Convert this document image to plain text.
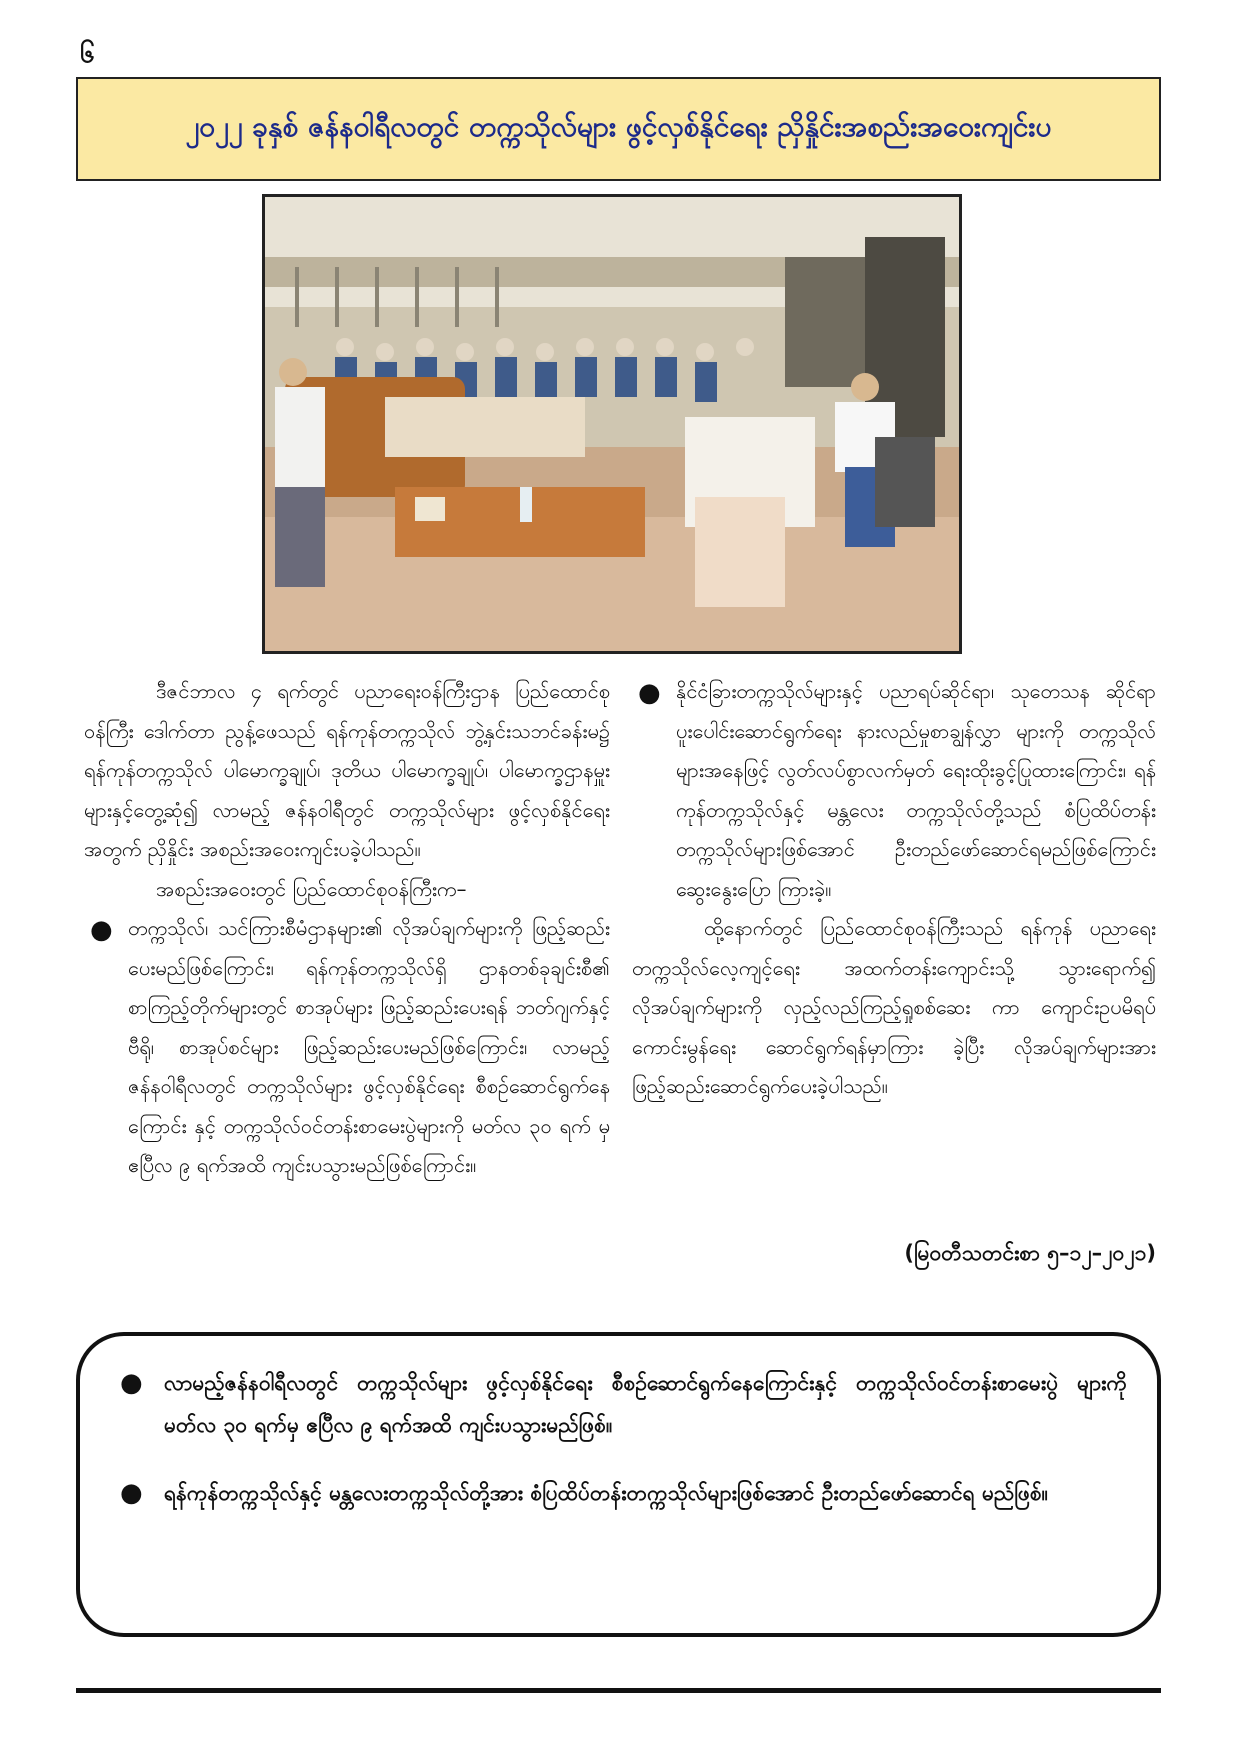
၆
၂၀၂၂ ခုနှစ် ဇန်နဝါရီလတွင် တက္ကသိုလ်များ ဖွင့်လှစ်နိုင်ရေး ညှိနှိုင်းအစည်းအဝေးကျင်းပ

ဒီဇင်ဘာလ ၄ ရက်တွင် ပညာရေးဝန်ကြီးဌာန ပြည်ထောင်စုဝန်ကြီး ဒေါက်တာ ညွန့်ဖေသည် ရန်ကုန်တက္ကသိုလ် ဘွဲ့နှင်းသဘင်ခန်းမ၌ ရန်ကုန်တက္ကသိုလ် ပါမောက္ခချုပ်၊ ဒုတိယ ပါမောက္ခချုပ်၊ ပါမောက္ခဌာနမှူးများနှင့်တွေ့ဆုံ၍ လာမည့် ဇန်နဝါရီတွင် တက္ကသိုလ်များ ဖွင့်လှစ်နိုင်ရေးအတွက် ညှိနှိုင်း အစည်းအဝေးကျင်းပခဲ့ပါသည်။

အစည်းအဝေးတွင် ပြည်ထောင်စုဝန်ကြီးက–

● တက္ကသိုလ်၊ သင်ကြားစီမံဌာနများ၏ လိုအပ်ချက်များကို ဖြည့်ဆည်းပေးမည်ဖြစ်ကြောင်း၊ ရန်ကုန်တက္ကသိုလ်ရှိ ဌာနတစ်ခုချင်းစီ၏ စာကြည့်တိုက်များတွင် စာအုပ်များ ဖြည့်ဆည်းပေးရန် ဘတ်ဂျက်နှင့် ဗီရို၊ စာအုပ်စင်များ ဖြည့်ဆည်းပေးမည်ဖြစ်ကြောင်း၊ လာမည့်ဇန်နဝါရီလတွင် တက္ကသိုလ်များ ဖွင့်လှစ်နိုင်ရေး စီစဉ်ဆောင်ရွက်နေကြောင်း နှင့် တက္ကသိုလ်ဝင်တန်းစာမေးပွဲများကို မတ်လ ၃၀ ရက် မှ ဧပြီလ ၉ ရက်အထိ ကျင်းပသွားမည်ဖြစ်ကြောင်း။

● နိုင်ငံခြားတက္ကသိုလ်များနှင့် ပညာရပ်ဆိုင်ရာ၊ သုတေသန ဆိုင်ရာ ပူးပေါင်းဆောင်ရွက်ရေး နားလည်မှုစာချွန်လွှာ များကို တက္ကသိုလ်များအနေဖြင့် လွတ်လပ်စွာလက်မှတ် ရေးထိုးခွင့်ပြုထားကြောင်း၊ ရန်ကုန်တက္ကသိုလ်နှင့် မန္တလေး တက္ကသိုလ်တို့သည် စံပြထိပ်တန်းတက္ကသိုလ်များဖြစ်အောင် ဦးတည်ဖော်ဆောင်ရမည်ဖြစ်ကြောင်း ဆွေးနွေးပြော ကြားခဲ့။

ထို့နောက်တွင် ပြည်ထောင်စုဝန်ကြီးသည် ရန်ကုန် ပညာရေးတက္ကသိုလ်လေ့ကျင့်ရေး အထက်တန်းကျောင်းသို့ သွားရောက်၍ လိုအပ်ချက်များကို လှည့်လည်ကြည့်ရှုစစ်ဆေး ကာ ကျောင်းဥပမိရပ်ကောင်းမွန်ရေး ဆောင်ရွက်ရန်မှာကြား ခဲ့ပြီး လိုအပ်ချက်များအား ဖြည့်ဆည်းဆောင်ရွက်ပေးခဲ့ပါသည်။

(မြဝတီသတင်းစာ ၅–၁၂–၂၀၂၁)
● လာမည့်ဇန်နဝါရီလတွင် တက္ကသိုလ်များ ဖွင့်လှစ်နိုင်ရေး စီစဉ်ဆောင်ရွက်နေကြောင်းနှင့် တက္ကသိုလ်ဝင်တန်းစာမေးပွဲ များကို မတ်လ ၃၀ ရက်မှ ဧပြီလ ၉ ရက်အထိ ကျင်းပသွားမည်ဖြစ်။
● ရန်ကုန်တက္ကသိုလ်နှင့် မန္တလေးတက္ကသိုလ်တို့အား စံပြထိပ်တန်းတက္ကသိုလ်များဖြစ်အောင် ဦးတည်ဖော်ဆောင်ရ မည်ဖြစ်။
